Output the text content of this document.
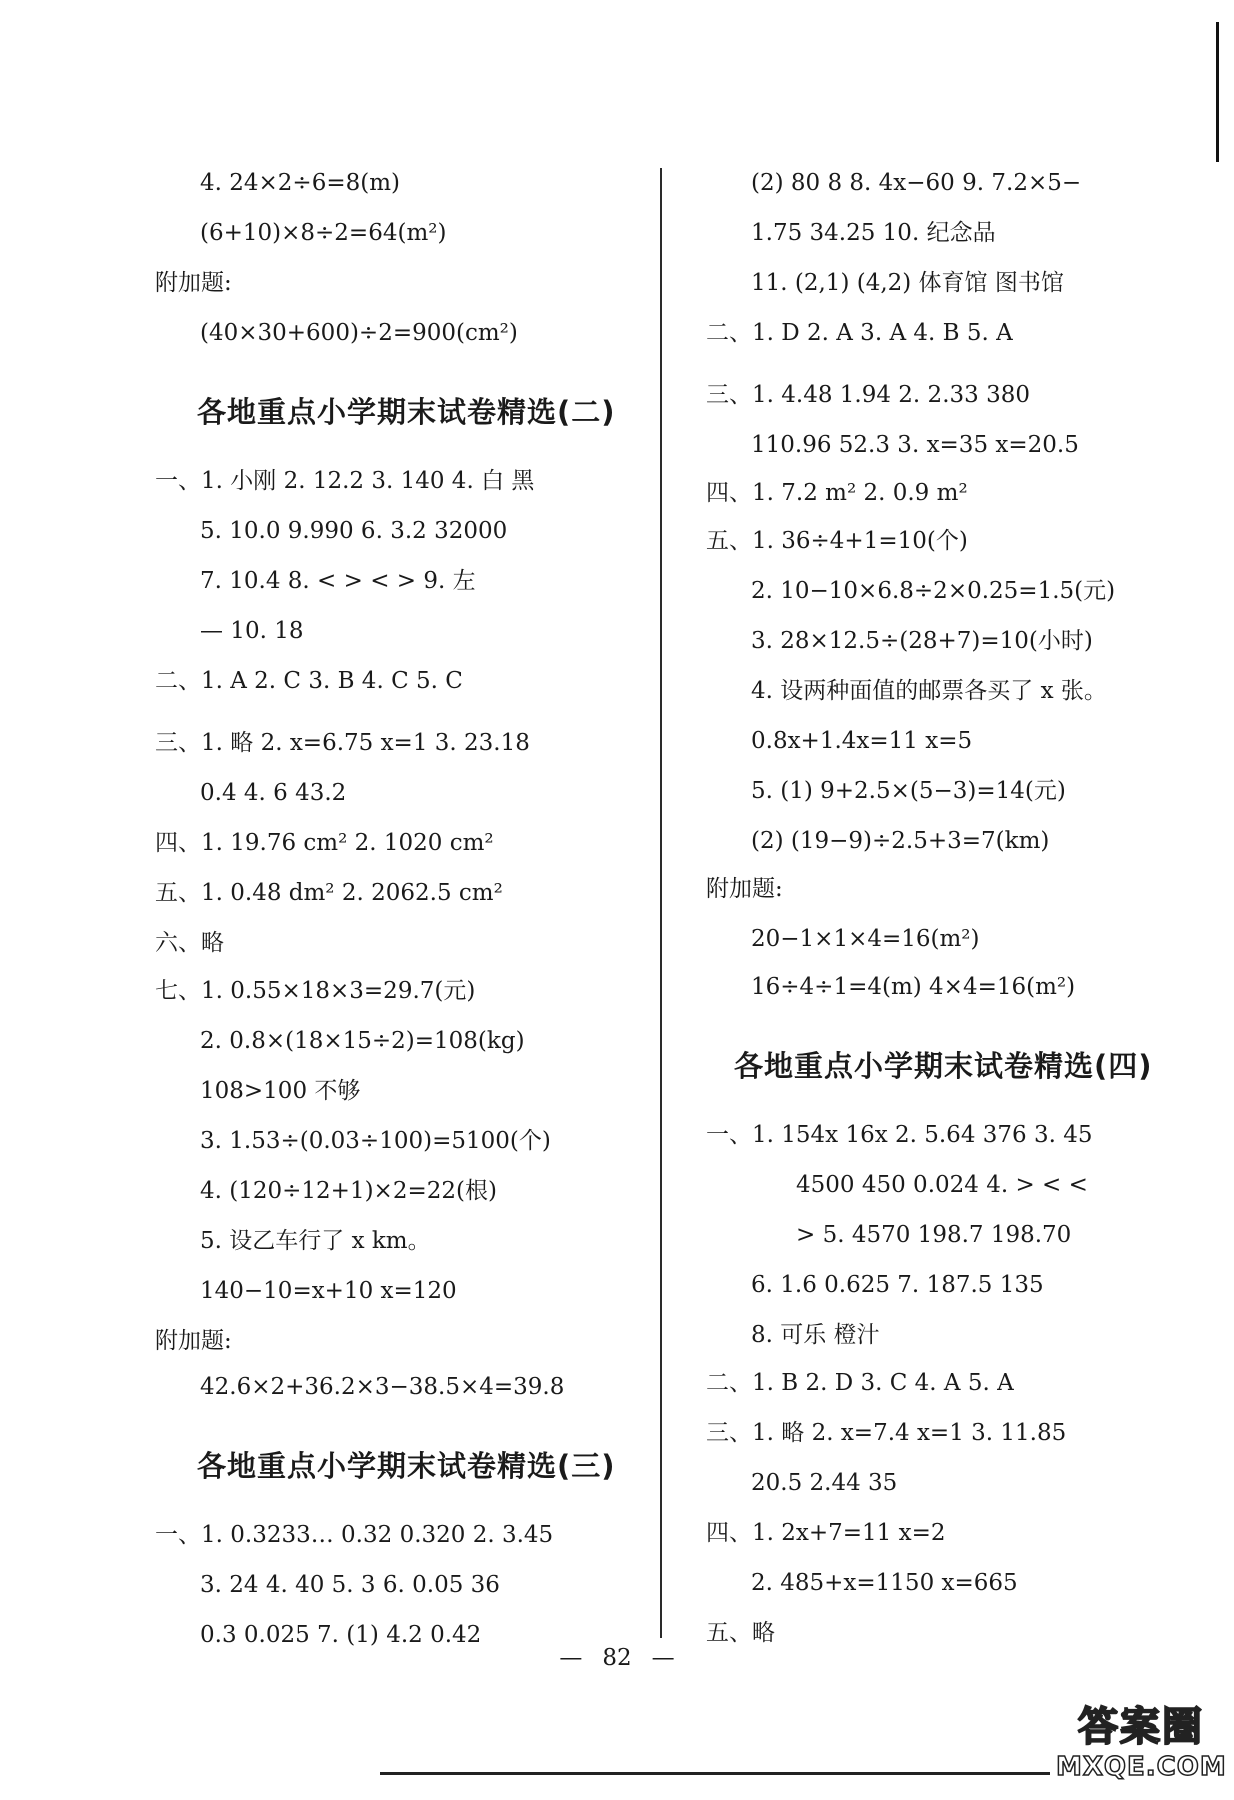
4. 24×2÷6=8(m)
(6+10)×8÷2=64(m²)
附加题:
(40×30+600)÷2=900(cm²)
各地重点小学期末试卷精选(二)
一、1. 小刚 2. 12.2 3. 140 4. 白 黑
5. 10.0 9.990 6. 3.2 32000
7. 10.4 8. < > < > 9. 左
— 10. 18
二、1. A 2. C 3. B 4. C 5. C
三、1. 略 2. x=6.75 x=1 3. 23.18
0.4 4. 6 43.2
四、1. 19.76 cm² 2. 1020 cm²
五、1. 0.48 dm² 2. 2062.5 cm²
六、略
七、1. 0.55×18×3=29.7(元)
2. 0.8×(18×15÷2)=108(kg)
108>100 不够
3. 1.53÷(0.03÷100)=5100(个)
4. (120÷12+1)×2=22(根)
5. 设乙车行了 x km。
140−10=x+10 x=120
附加题:
42.6×2+36.2×3−38.5×4=39.8
各地重点小学期末试卷精选(三)
一、1. 0.3233… 0.32 0.320 2. 3.45
3. 24 4. 40 5. 3 6. 0.05 36
0.3 0.025 7. (1) 4.2 0.42
(2) 80 8 8. 4x−60 9. 7.2×5−
1.75 34.25 10. 纪念品
11. (2,1) (4,2) 体育馆 图书馆
二、1. D 2. A 3. A 4. B 5. A
三、1. 4.48 1.94 2. 2.33 380
110.96 52.3 3. x=35 x=20.5
四、1. 7.2 m² 2. 0.9 m²
五、1. 36÷4+1=10(个)
2. 10−10×6.8÷2×0.25=1.5(元)
3. 28×12.5÷(28+7)=10(小时)
4. 设两种面值的邮票各买了 x 张。
0.8x+1.4x=11 x=5
5. (1) 9+2.5×(5−3)=14(元)
(2) (19−9)÷2.5+3=7(km)
附加题:
20−1×1×4=16(m²)
16÷4÷1=4(m) 4×4=16(m²)
各地重点小学期末试卷精选(四)
一、1. 154x 16x 2. 5.64 376 3. 45
4500 450 0.024 4. > < <
> 5. 4570 198.7 198.70
6. 1.6 0.625 7. 187.5 135
8. 可乐 橙汁
二、1. B 2. D 3. C 4. A 5. A
三、1. 略 2. x=7.4 x=1 3. 11.85
20.5 2.44 35
四、1. 2x+7=11 x=2
2. 485+x=1150 x=665
五、略
— 82 —
答案圈
MXQE.COM
